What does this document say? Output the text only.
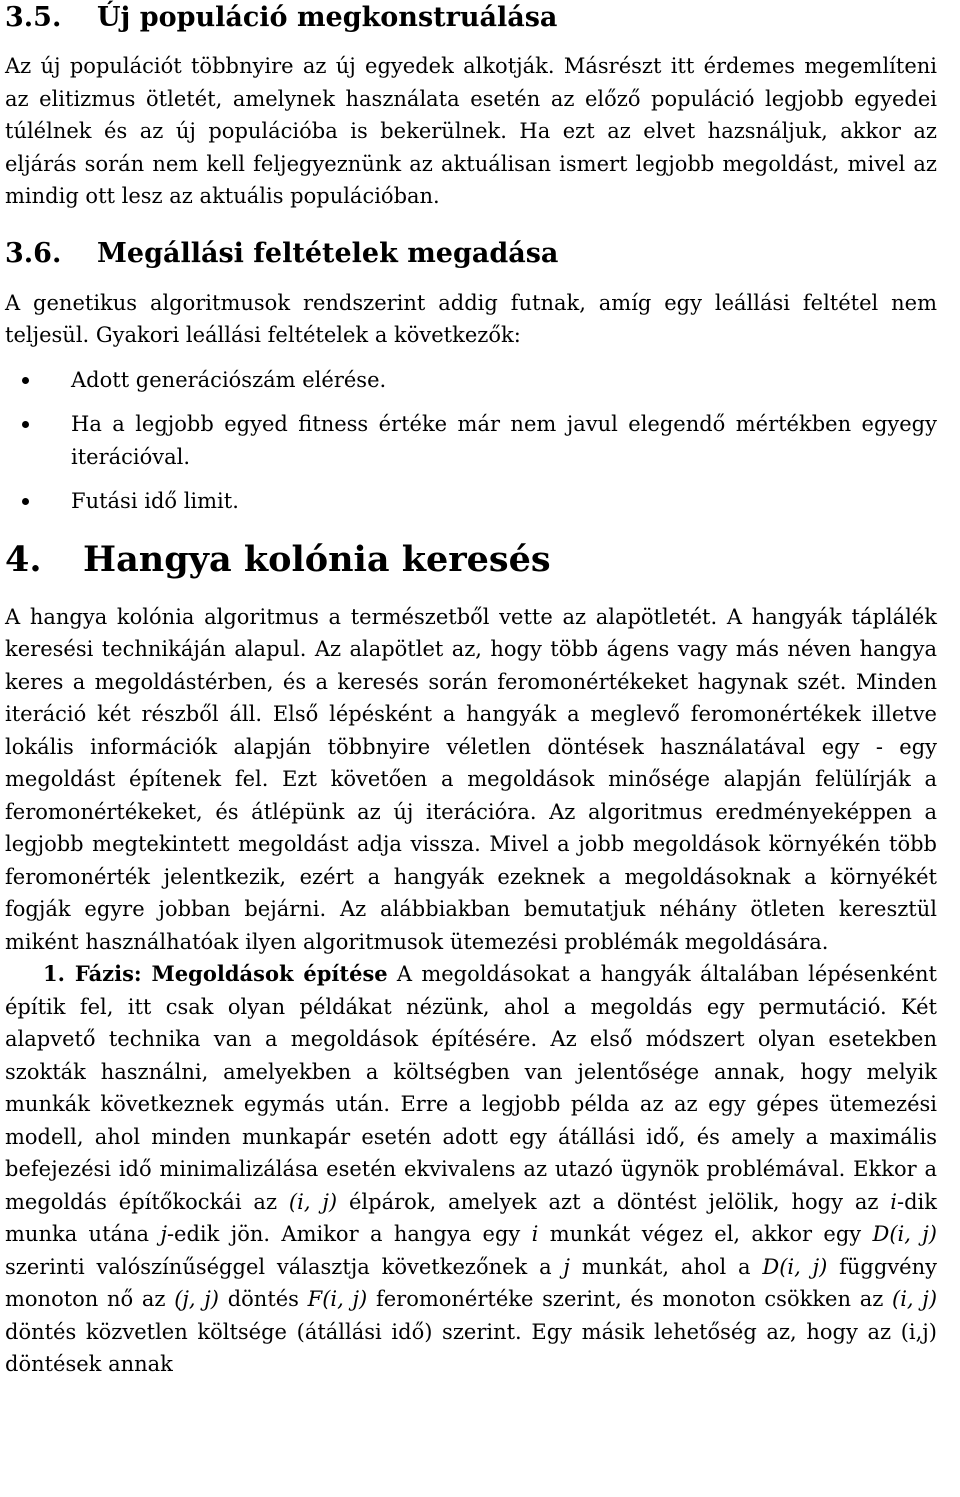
3.5. Új populáció megkonstruálása

Az új populációt többnyire az új egyedek alkotják. Másrészt itt érdemes megemlíteni az elitizmus ötletét, amelynek használata esetén az előző populáció legjobb egyedei túlélnek és az új populációba is bekerülnek. Ha ezt az elvet hazsnáljuk, akkor az eljárás során nem kell feljegyeznünk az aktuálisan ismert legjobb megoldást, mivel az mindig ott lesz az aktuális populációban.

3.6. Megállási feltételek megadása

A genetikus algoritmusok rendszerint addig futnak, amíg egy leállási feltétel nem teljesül. Gyakori leállási feltételek a következők:

Adott generációszám elérése.
Ha a legjobb egyed fitness értéke már nem javul elegendő mértékben egyegy iterációval.
Futási idő limit.
4. Hangya kolónia keresés

A hangya kolónia algoritmus a természetből vette az alapötletét. A hangyák táplálék keresési technikáján alapul. Az alapötlet az, hogy több ágens vagy más néven hangya keres a megoldástérben, és a keresés során feromonértékeket hagynak szét. Minden iteráció két részből áll. Első lépésként a hangyák a meglevő feromonértékek illetve lokális információk alapján többnyire véletlen döntések használatával egy - egy megoldást építenek fel. Ezt követően a megoldások minősége alapján felülírják a feromonértékeket, és átlépünk az új iterációra. Az algoritmus eredményeképpen a legjobb megtekintett megoldást adja vissza. Mivel a jobb megoldások környékén több feromonérték jelentkezik, ezért a hangyák ezeknek a megoldásoknak a környékét fogják egyre jobban bejárni. Az alábbiakban bemutatjuk néhány ötleten keresztül miként használhatóak ilyen algoritmusok ütemezési problémák megoldására.

1. Fázis: Megoldások építése A megoldásokat a hangyák általában lépésenként építik fel, itt csak olyan példákat nézünk, ahol a megoldás egy permutáció. Két alapvető technika van a megoldások építésére. Az első módszert olyan esetekben szokták használni, amelyekben a költségben van jelentősége annak, hogy melyik munkák következnek egymás után. Erre a legjobb példa az az egy gépes ütemezési modell, ahol minden munkapár esetén adott egy átállási idő, és amely a maximális befejezési idő minimalizálása esetén ekvivalens az utazó ügynök problémával. Ekkor a megoldás építőkockái az (i, j) élpárok, amelyek azt a döntést jelölik, hogy az i-dik munka utána j-edik jön. Amikor a hangya egy i munkát végez el, akkor egy D(i, j) szerinti valószínűséggel választja következőnek a j munkát, ahol a D(i, j) függvény monoton nő az (j, j) döntés F(i, j) feromonértéke szerint, és monoton csökken az (i, j) döntés közvetlen költsége (átállási idő) szerint. Egy másik lehetőség az, hogy az (i,j) döntések annak
